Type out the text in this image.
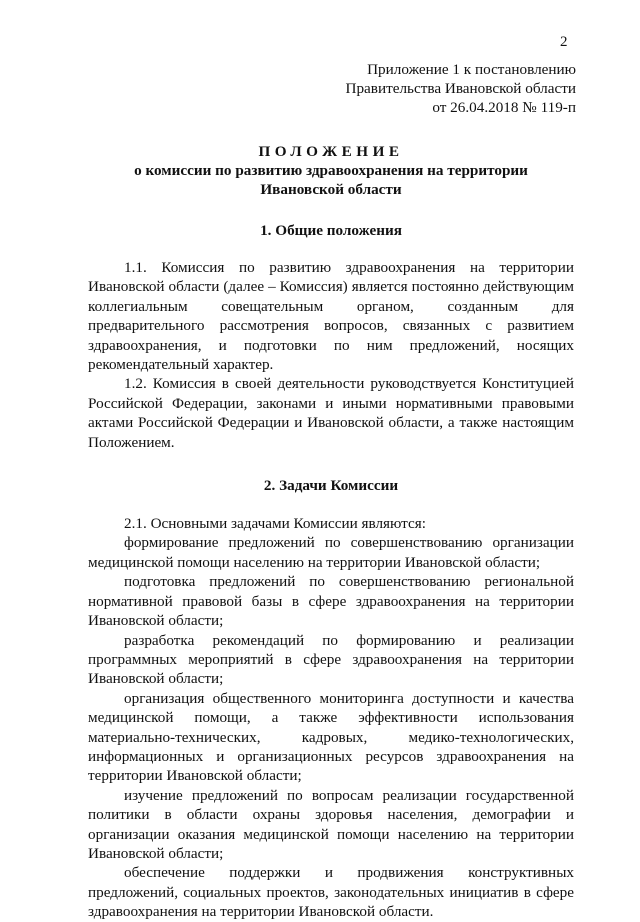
2
Приложение 1 к постановлению
Правительства Ивановской области
от 26.04.2018 № 119-п
ПОЛОЖЕНИЕ
о комиссии по развитию здравоохранения на территории
Ивановской области
1. Общие положения

1.1. Комиссия по развитию здравоохранения на территории Ивановской области (далее – Комиссия) является постоянно действующим коллегиальным совещательным органом, созданным для предварительного рассмотрения вопросов, связанных с развитием здравоохранения, и подготовки по ним предложений, носящих рекомендательный характер.

1.2. Комиссия в своей деятельности руководствуется Конституцией Российской Федерации, законами и иными нормативными правовыми актами Российской Федерации и Ивановской области, а также настоящим Положением.

2. Задачи Комиссии

2.1. Основными задачами Комиссии являются:

формирование предложений по совершенствованию организации медицинской помощи населению на территории Ивановской области;

подготовка предложений по совершенствованию региональной нормативной правовой базы в сфере здравоохранения на территории Ивановской области;

разработка рекомендаций по формированию и реализации программных мероприятий в сфере здравоохранения на территории Ивановской области;

организация общественного мониторинга доступности и качества медицинской помощи, а также эффективности использования материально-технических, кадровых, медико-технологических, информационных и организационных ресурсов здравоохранения на территории Ивановской области;

изучение предложений по вопросам реализации государственной политики в области охраны здоровья населения, демографии и организации оказания медицинской помощи населению на территории Ивановской области;

обеспечение поддержки и продвижения конструктивных предложений, социальных проектов, законодательных инициатив в сфере здравоохранения на территории Ивановской области.
